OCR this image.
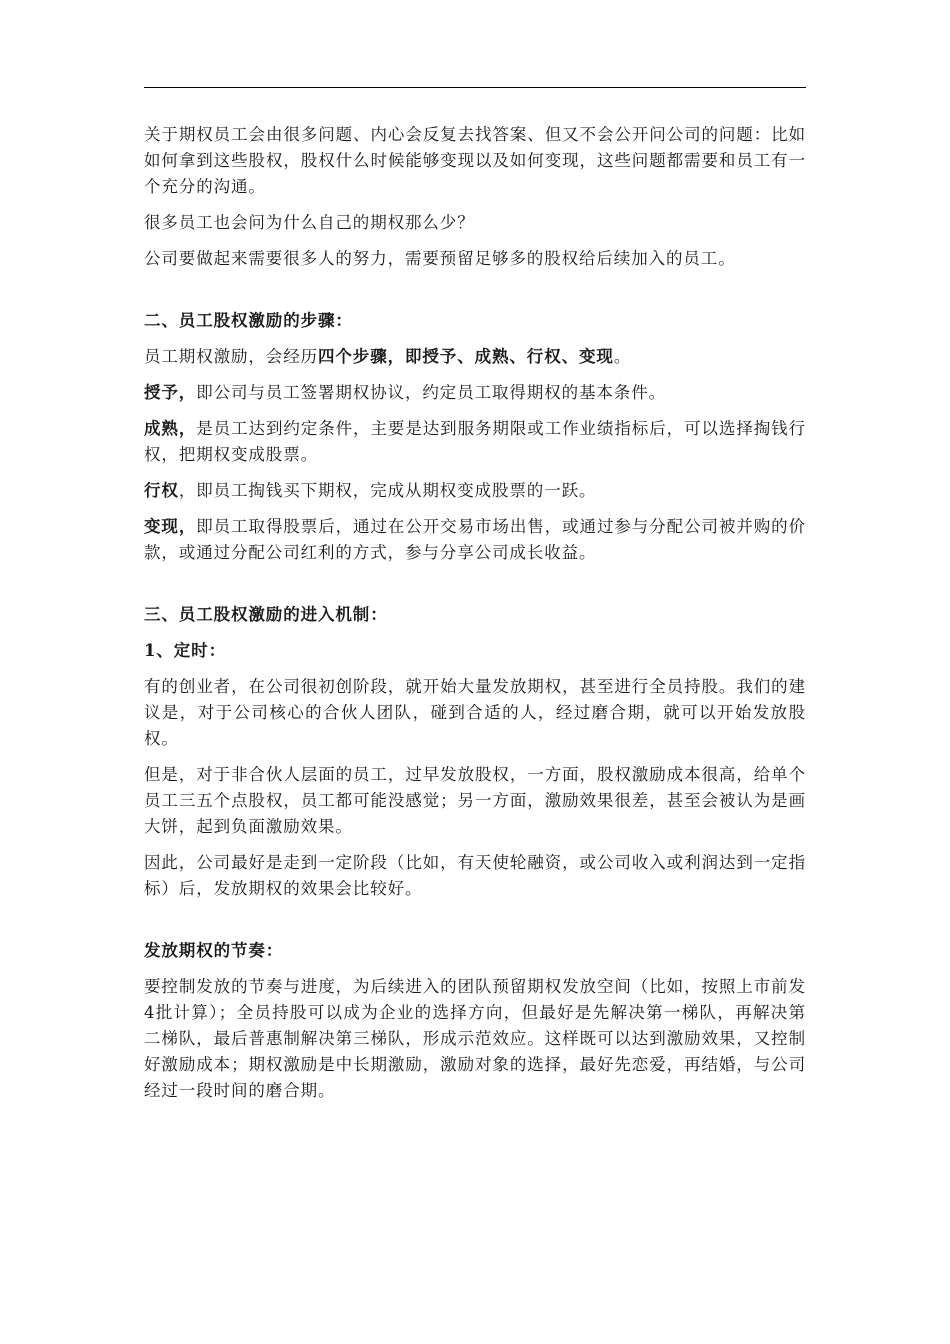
关于期权员工会由很多问题、内心会反复去找答案、但又不会公开问公司的问题：比如如何拿到这些股权，股权什么时候能够变现以及如何变现，这些问题都需要和员工有一个充分的沟通。

很多员工也会问为什么自己的期权那么少？

公司要做起来需要很多人的努力，需要预留足够多的股权给后续加入的员工。

二、员工股权激励的步骤：

员工期权激励，会经历四个步骤，即授予、成熟、行权、变现。

授予，即公司与员工签署期权协议，约定员工取得期权的基本条件。

成熟，是员工达到约定条件，主要是达到服务期限或工作业绩指标后，可以选择掏钱行权，把期权变成股票。

行权，即员工掏钱买下期权，完成从期权变成股票的一跃。

变现，即员工取得股票后，通过在公开交易市场出售，或通过参与分配公司被并购的价款，或通过分配公司红利的方式，参与分享公司成长收益。

三、员工股权激励的进入机制：

1、定时：

有的创业者，在公司很初创阶段，就开始大量发放期权，甚至进行全员持股。我们的建议是，对于公司核心的合伙人团队，碰到合适的人，经过磨合期，就可以开始发放股权。

但是，对于非合伙人层面的员工，过早发放股权，一方面，股权激励成本很高，给单个员工三五个点股权，员工都可能没感觉；另一方面，激励效果很差，甚至会被认为是画大饼，起到负面激励效果。

因此，公司最好是走到一定阶段（比如，有天使轮融资，或公司收入或利润达到一定指标）后，发放期权的效果会比较好。

发放期权的节奏：

要控制发放的节奏与进度，为后续进入的团队预留期权发放空间（比如，按照上市前发4批计算）；全员持股可以成为企业的选择方向，但最好是先解决第一梯队，再解决第二梯队，最后普惠制解决第三梯队，形成示范效应。这样既可以达到激励效果，又控制好激励成本；期权激励是中长期激励，激励对象的选择，最好先恋爱，再结婚，与公司经过一段时间的磨合期。
